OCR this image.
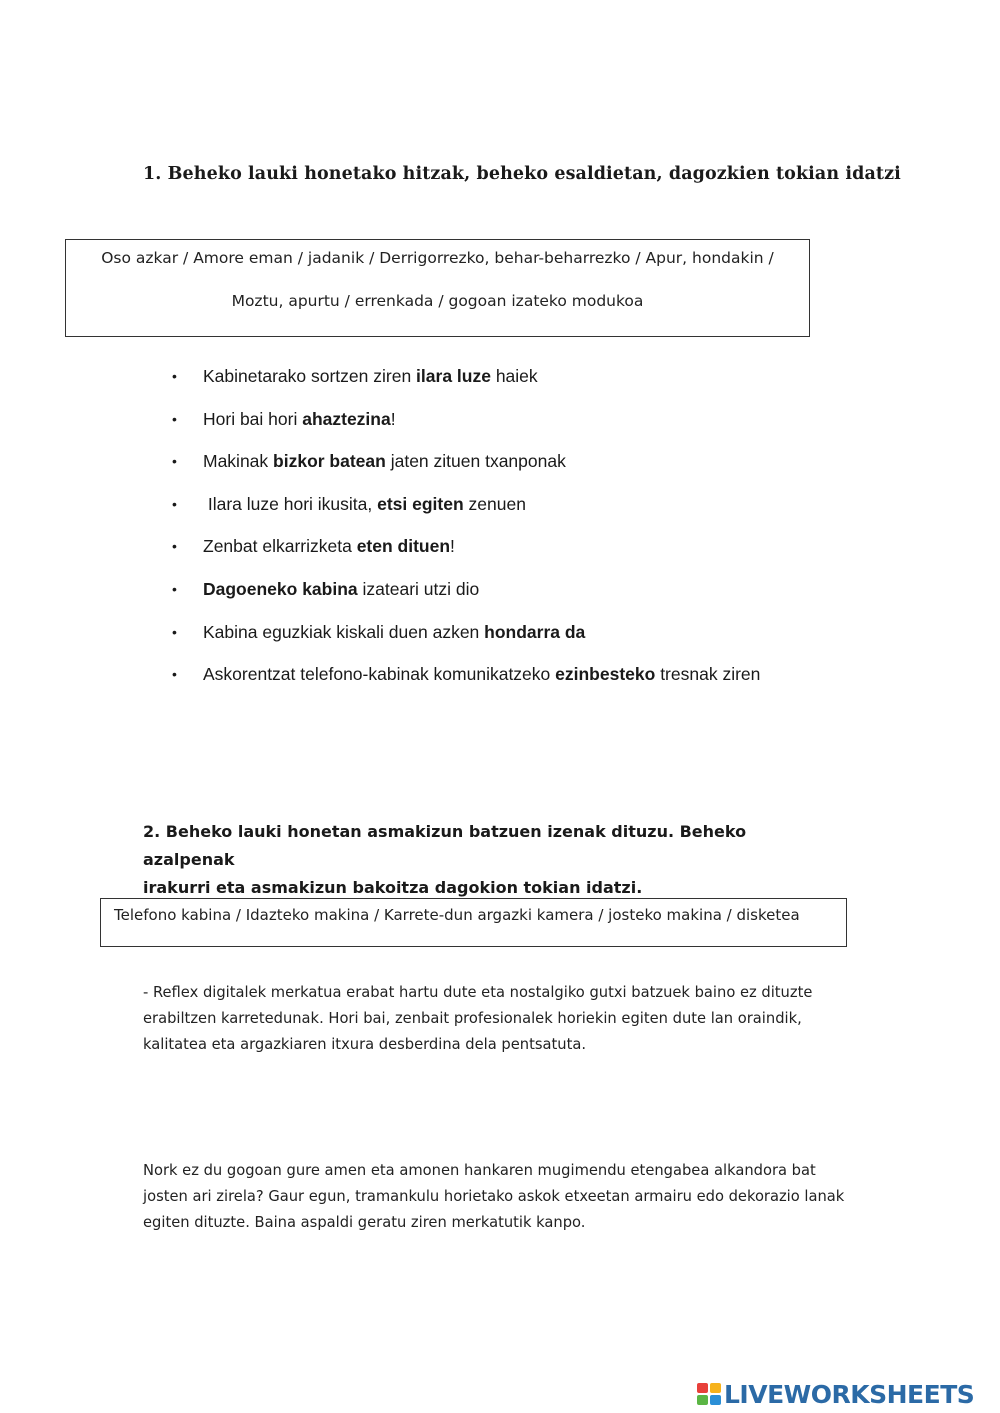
1. Beheko lauki honetako hitzak, beheko esaldietan, dagozkien tokian idatzi
Oso azkar / Amore eman / jadanik / Derrigorrezko, behar-beharrezko / Apur, hondakin /
Moztu, apurtu / errenkada / gogoan izateko modukoa
• Kabinetarako sortzen ziren ilara luze haiek
• Hori bai hori ahaztezina!
• Makinak bizkor batean jaten zituen txanponak
• Ilara luze hori ikusita, etsi egiten zenuen
• Zenbat elkarrizketa eten dituen!
• Dagoeneko kabina izateari utzi dio
• Kabina eguzkiak kiskali duen azken hondarra da
• Askorentzat telefono-kabinak komunikatzeko ezinbesteko tresnak ziren
2. Beheko lauki honetan asmakizun batzuen izenak dituzu. Beheko azalpenak
irakurri eta asmakizun bakoitza dagokion tokian idatzi.
Telefono kabina / Idazteko makina / Karrete-dun argazki kamera / josteko makina / disketea
- Reflex digitalek merkatua erabat hartu dute eta nostalgiko gutxi batzuek baino ez dituzte
erabiltzen karretedunak. Hori bai, zenbait profesionalek horiekin egiten dute lan oraindik,
kalitatea eta argazkiaren itxura desberdina dela pentsatuta.
Nork ez du gogoan gure amen eta amonen hankaren mugimendu etengabea alkandora bat
josten ari zirela? Gaur egun, tramankulu horietako askok etxeetan armairu edo dekorazio lanak
egiten dituzte. Baina aspaldi geratu ziren merkatutik kanpo.
LIVEWORKSHEETS
